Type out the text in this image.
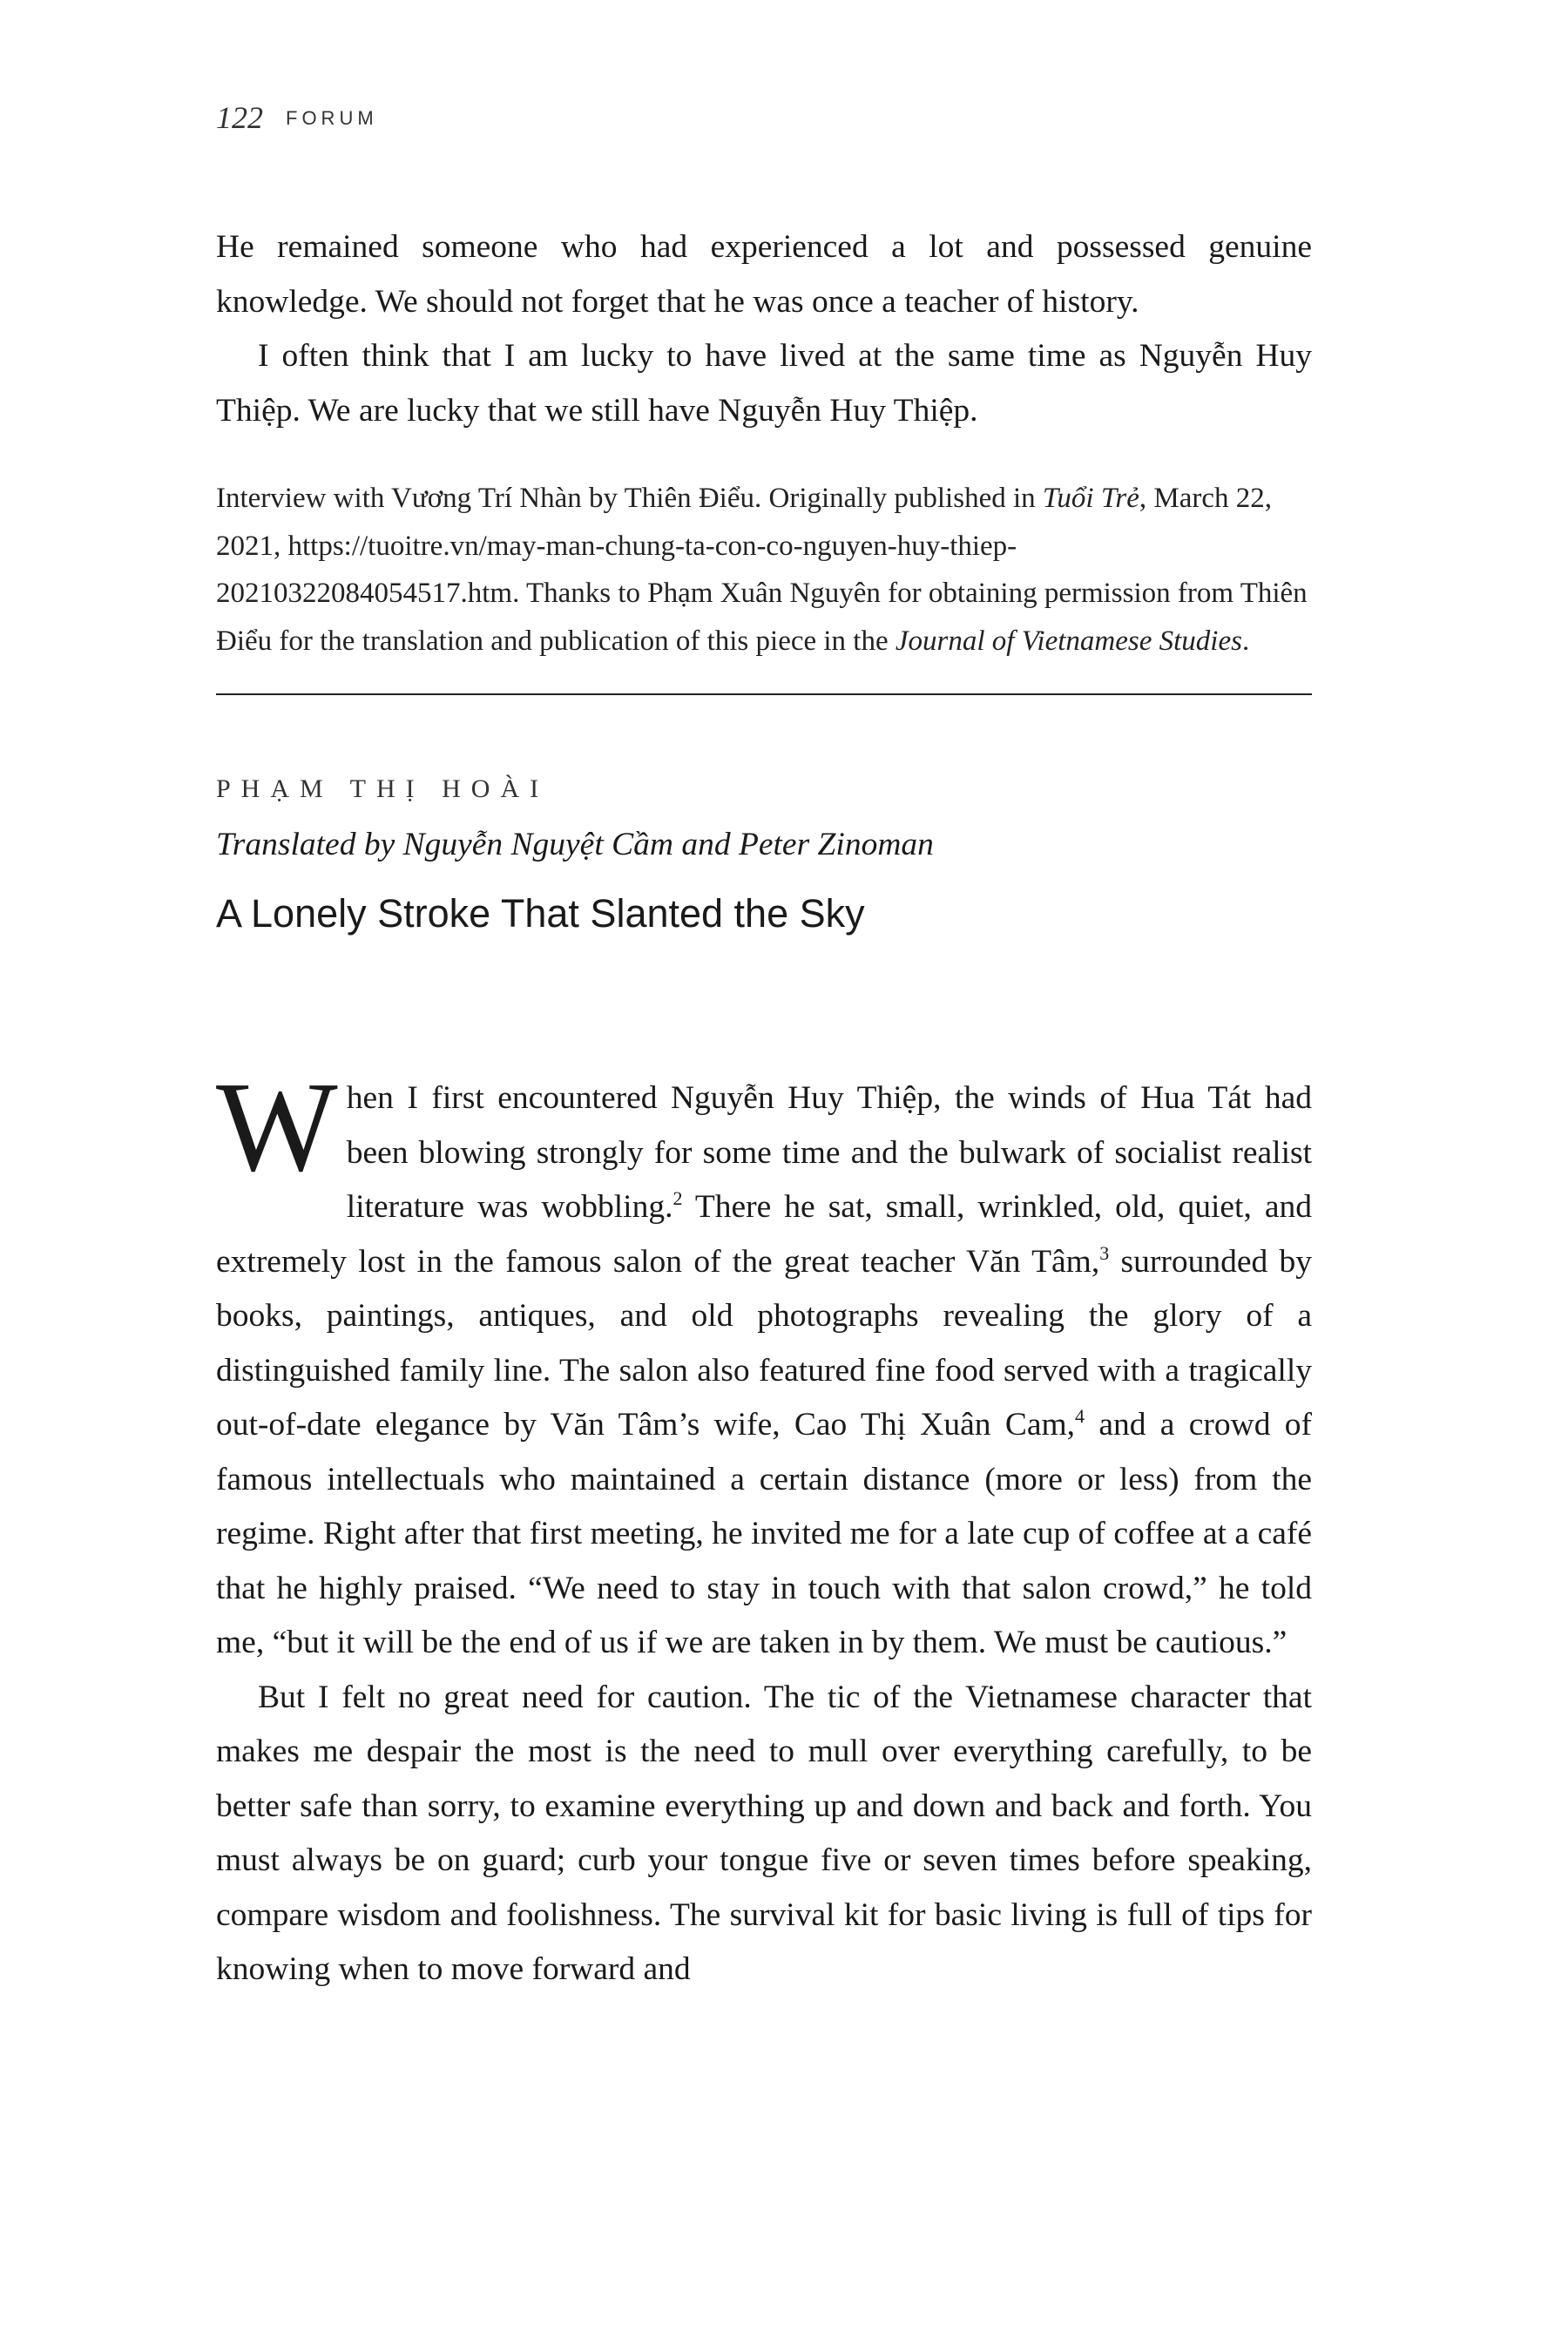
122 FORUM

He remained someone who had experienced a lot and possessed genuine knowledge. We should not forget that he was once a teacher of history.

I often think that I am lucky to have lived at the same time as Nguyễn Huy Thiệp. We are lucky that we still have Nguyễn Huy Thiệp.

Interview with Vương Trí Nhàn by Thiên Điểu. Originally published in Tuổi Trẻ, March 22, 2021, https://tuoitre.vn/may-man-chung-ta-con-co-nguyen-huy-thiep-20210322084054517.htm. Thanks to Phạm Xuân Nguyên for obtaining permission from Thiên Điểu for the translation and publication of this piece in the Journal of Vietnamese Studies.

PHẠM THỊ HOÀI
Translated by Nguyễn Nguyệt Cầm and Peter Zinoman
A Lonely Stroke That Slanted the Sky

When I first encountered Nguyễn Huy Thiệp, the winds of Hua Tát had been blowing strongly for some time and the bulwark of socialist realist literature was wobbling.$^2$ There he sat, small, wrinkled, old, quiet, and extremely lost in the famous salon of the great teacher Văn Tâm,$^3$ surrounded by books, paintings, antiques, and old photographs revealing the glory of a distinguished family line. The salon also featured fine food served with a tragically out-of-date elegance by Văn Tâm’s wife, Cao Thị Xuân Cam,$^4$ and a crowd of famous intellectuals who maintained a certain distance (more or less) from the regime. Right after that first meeting, he invited me for a late cup of coffee at a café that he highly praised. “We need to stay in touch with that salon crowd,” he told me, “but it will be the end of us if we are taken in by them. We must be cautious.”

But I felt no great need for caution. The tic of the Vietnamese character that makes me despair the most is the need to mull over everything carefully, to be better safe than sorry, to examine everything up and down and back and forth. You must always be on guard; curb your tongue five or seven times before speaking, compare wisdom and foolishness. The survival kit for basic living is full of tips for knowing when to move forward and
